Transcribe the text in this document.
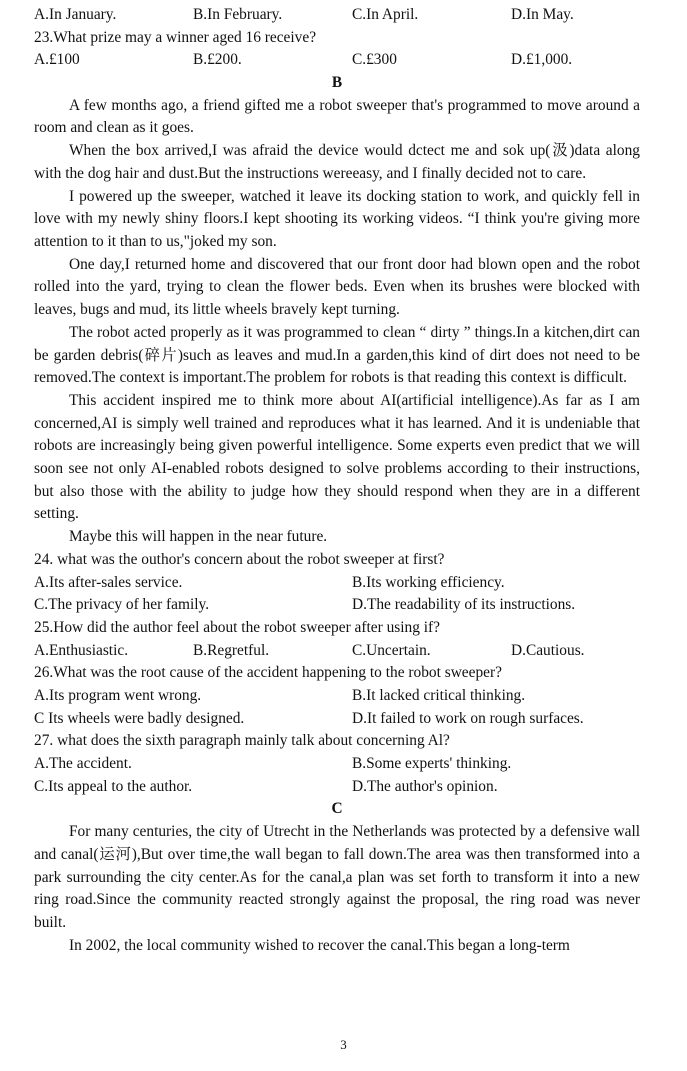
A.In January.	B.In February.	C.In April.	D.In May.
23.What prize may a winner aged 16 receive?
A.£100	B.£200.	C.£300	D.£1,000.
B
A few months ago, a friend gifted me a robot sweeper that's programmed to move around a room and clean as it goes.
When the box arrived,I was afraid the device would dctect me and sok up(汲)data along with the dog hair and dust.But the instructions wereeasy, and I finally decided not to care.
I powered up the sweeper, watched it leave its docking station to work, and quickly fell in love with my newly shiny floors.I kept shooting its working videos. “I think you're giving more attention to it than to us,"joked my son.
One day,I returned home and discovered that our front door had blown open and the robot rolled into the yard, trying to clean the flower beds. Even when its brushes were blocked with leaves, bugs and mud, its little wheels bravely kept turning.
The robot acted properly as it was programmed to clean “ dirty ” things.In a kitchen,dirt can be garden debris(碎片)such as leaves and mud.In a garden,this kind of dirt does not need to be removed.The context is important.The problem for robots is that reading this context is difficult.
This accident inspired me to think more about AI(artificial intelligence).As far as I am concerned,AI is simply well trained and reproduces what it has learned. And it is undeniable that robots are increasingly being given powerful intelligence. Some experts even predict that we will soon see not only AI-enabled robots designed to solve problems according to their instructions, but also those with the ability to judge how they should respond when they are in a different setting.
Maybe this will happen in the near future.
24. what was the outhor's concern about the robot sweeper at first?
A.Its after-sales service.	B.Its working efficiency.
C.The privacy of her family.	D.The readability of its instructions.
25.How did the author feel about the robot sweeper after using if?
A.Enthusiastic.	B.Regretful.	C.Uncertain.	D.Cautious.
26.What was the root cause of the accident happening to the robot sweeper?
A.Its program went wrong.	B.It lacked critical thinking.
C Its wheels were badly designed.	D.It failed to work on rough surfaces.
27. what does the sixth paragraph mainly talk about concerning Al?
A.The accident.	B.Some experts' thinking.
C.Its appeal to the author.	D.The author's opinion.
C
For many centuries, the city of Utrecht in the Netherlands was protected by a defensive wall and canal(运河),But over time,the wall began to fall down.The area was then transformed into a park surrounding the city center.As for the canal,a plan was set forth to transform it into a new ring road.Since the community reacted strongly against the proposal, the ring road was never built.
In 2002, the local community wished to recover the canal.This began a long-term
3
